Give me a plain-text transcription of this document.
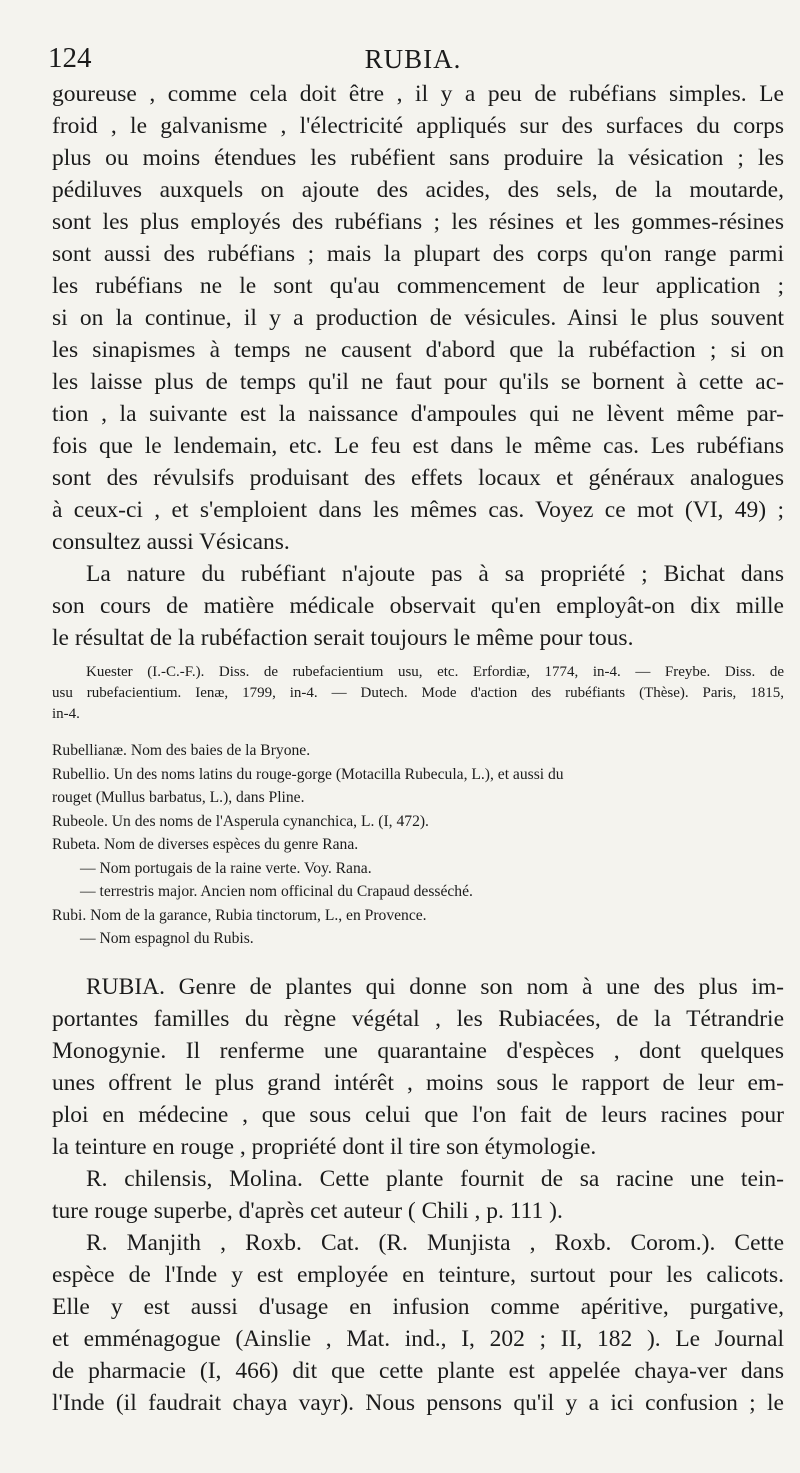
124	RUBIA.

goureuse , comme cela doit être , il y a peu de rubéfians simples. Le

froid , le galvanisme , l'électricité appliqués sur des surfaces du corps

plus ou moins étendues les rubéfient sans produire la vésication ; les

pédiluves auxquels on ajoute des acides, des sels, de la moutarde,

sont les plus employés des rubéfians ; les résines et les gommes-résines

sont aussi des rubéfians ; mais la plupart des corps qu'on range parmi

les rubéfians ne le sont qu'au commencement de leur application ;

si on la continue, il y a production de vésicules. Ainsi le plus souvent

les sinapismes à temps ne causent d'abord que la rubéfaction ; si on

les laisse plus de temps qu'il ne faut pour qu'ils se bornent à cette ac-

tion , la suivante est la naissance d'ampoules qui ne lèvent même par-

fois que le lendemain, etc. Le feu est dans le même cas. Les rubéfians

sont des révulsifs produisant des effets locaux et généraux analogues

à ceux-ci , et s'emploient dans les mêmes cas. Voyez ce mot (VI, 49) ;

consultez aussi Vésicans.

La nature du rubéfiant n'ajoute pas à sa propriété ; Bichat dans

son cours de matière médicale observait qu'en employât-on dix mille

le résultat de la rubéfaction serait toujours le même pour tous.

Kuester (I.-C.-F.). Diss. de rubefacientium usu, etc. Erfordiæ, 1774, in-4. — Freybe. Diss. de

usu rubefacientium. Ienæ, 1799, in-4. — Dutech. Mode d'action des rubéfiants (Thèse). Paris, 1815,

in-4.

Rubellianæ. Nom des baies de la Bryone.

Rubellio. Un des noms latins du rouge-gorge (Motacilla Rubecula, L.), et aussi du

rouget (Mullus barbatus, L.), dans Pline.

Rubeole. Un des noms de l'Asperula cynanchica, L. (I, 472).

Rubeta. Nom de diverses espèces du genre Rana.

— Nom portugais de la raine verte. Voy. Rana.

— terrestris major. Ancien nom officinal du Crapaud desséché.

Rubi. Nom de la garance, Rubia tinctorum, L., en Provence.

— Nom espagnol du Rubis.

RUBIA. Genre de plantes qui donne son nom à une des plus im-

portantes familles du règne végétal , les Rubiacées, de la Tétrandrie

Monogynie. Il renferme une quarantaine d'espèces , dont quelques

unes offrent le plus grand intérêt , moins sous le rapport de leur em-

ploi en médecine , que sous celui que l'on fait de leurs racines pour

la teinture en rouge , propriété dont il tire son étymologie.

R. chilensis, Molina. Cette plante fournit de sa racine une tein-

ture rouge superbe, d'après cet auteur ( Chili , p. 111 ).

R. Manjith , Roxb. Cat. (R. Munjista , Roxb. Corom.). Cette

espèce de l'Inde y est employée en teinture, surtout pour les calicots.

Elle y est aussi d'usage en infusion comme apéritive, purgative,

et emménagogue (Ainslie , Mat. ind., I, 202 ; II, 182 ). Le Journal

de pharmacie (I, 466) dit que cette plante est appelée chaya-ver dans

l'Inde (il faudrait chaya vayr). Nous pensons qu'il y a ici confusion ; le
